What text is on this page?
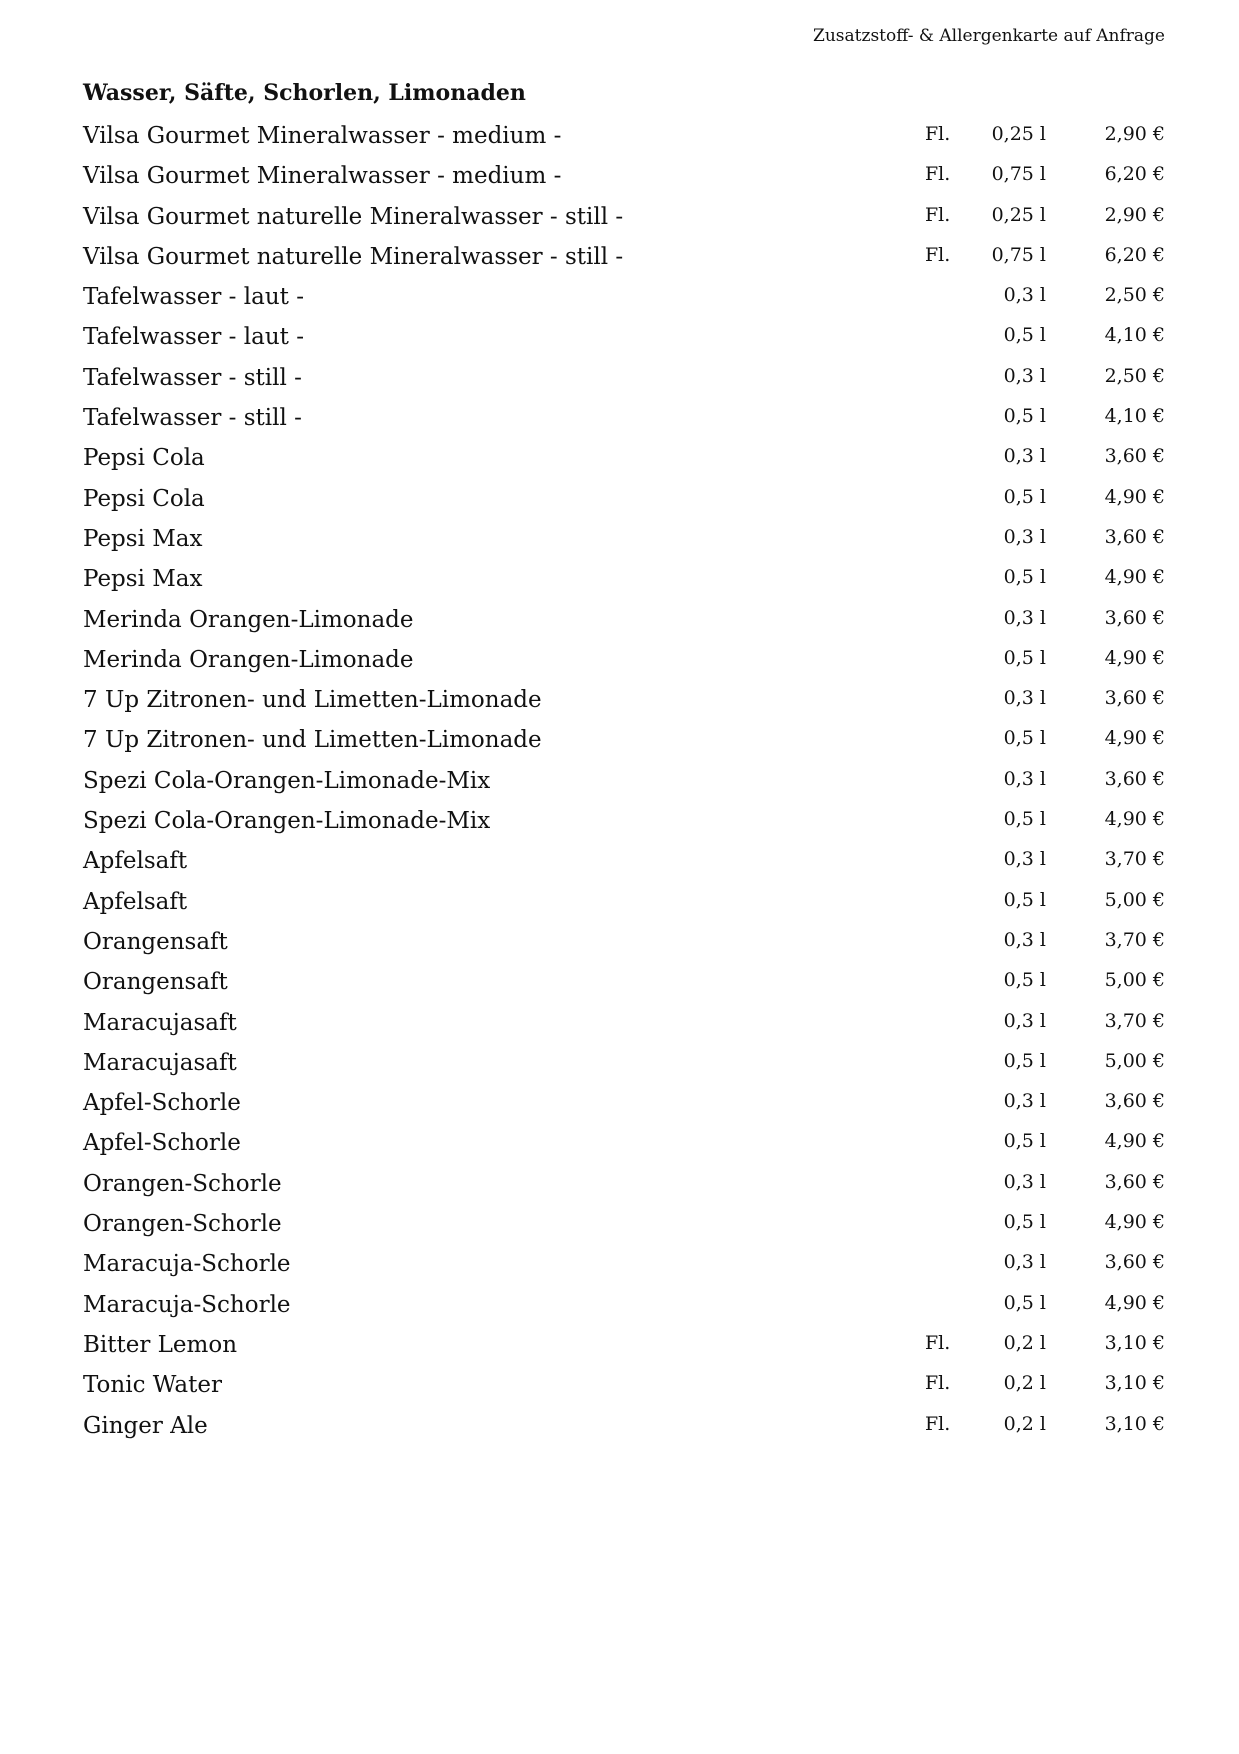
Zusatzstoff- & Allergenkarte auf Anfrage
Wasser, Säfte, Schorlen, Limonaden
Vilsa Gourmet Mineralwasser - medium -	Fl. 0,25 l	2,90 €
Vilsa Gourmet Mineralwasser - medium -	Fl. 0,75 l	6,20 €
Vilsa Gourmet naturelle Mineralwasser - still -	Fl. 0,25 l	2,90 €
Vilsa Gourmet naturelle Mineralwasser - still -	Fl. 0,75 l	6,20 €
Tafelwasser - laut -	0,3 l	2,50 €
Tafelwasser - laut -	0,5 l	4,10 €
Tafelwasser - still -	0,3 l	2,50 €
Tafelwasser - still -	0,5 l	4,10 €
Pepsi Cola	0,3 l	3,60 €
Pepsi Cola	0,5 l	4,90 €
Pepsi Max	0,3 l	3,60 €
Pepsi Max	0,5 l	4,90 €
Merinda Orangen-Limonade	0,3 l	3,60 €
Merinda Orangen-Limonade	0,5 l	4,90 €
7 Up Zitronen- und Limetten-Limonade	0,3 l	3,60 €
7 Up Zitronen- und Limetten-Limonade	0,5 l	4,90 €
Spezi Cola-Orangen-Limonade-Mix	0,3 l	3,60 €
Spezi Cola-Orangen-Limonade-Mix	0,5 l	4,90 €
Apfelsaft	0,3 l	3,70 €
Apfelsaft	0,5 l	5,00 €
Orangensaft	0,3 l	3,70 €
Orangensaft	0,5 l	5,00 €
Maracujasaft	0,3 l	3,70 €
Maracujasaft	0,5 l	5,00 €
Apfel-Schorle	0,3 l	3,60 €
Apfel-Schorle	0,5 l	4,90 €
Orangen-Schorle	0,3 l	3,60 €
Orangen-Schorle	0,5 l	4,90 €
Maracuja-Schorle	0,3 l	3,60 €
Maracuja-Schorle	0,5 l	4,90 €
Bitter Lemon	Fl.	0,2 l	3,10 €
Tonic Water	Fl.	0,2 l	3,10 €
Ginger Ale	Fl.	0,2 l	3,10 €
